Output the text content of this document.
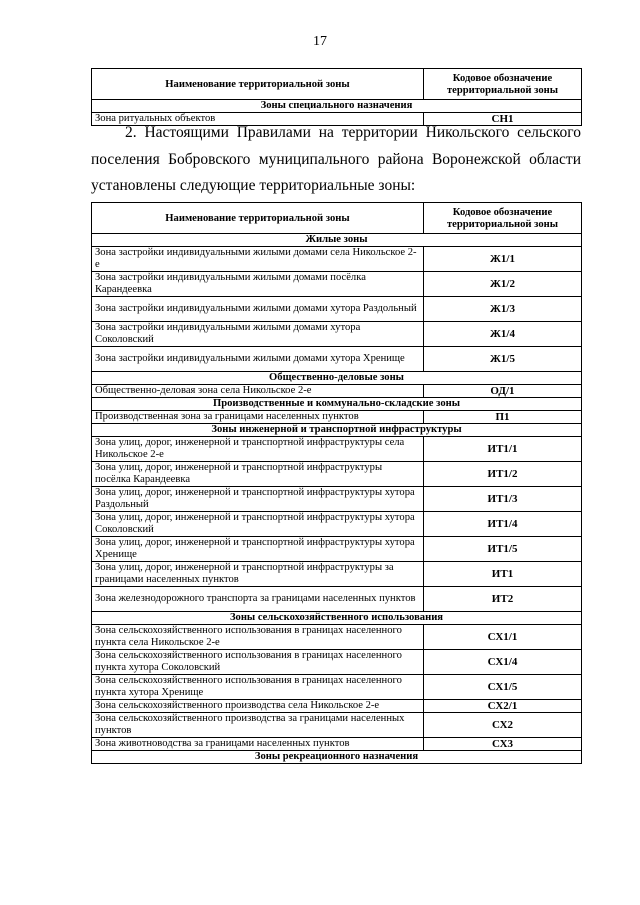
17
Наименование территориальной зоны	Кодовое обозначение территориальной зоны
Зоны специального назначения	
Зона ритуальных объектов	СН1
2. Настоящими Правилами на территории Никольского сельского
поселения Бобровского муниципального района Воронежской области
установлены следующие территориальные зоны:
Наименование территориальной зоны	Кодовое обозначение территориальной зоны
Жилые зоны	
Зона застройки индивидуальными жилыми домами села Никольское 2-е	Ж1/1
Зона застройки индивидуальными жилыми домами посёлка Карандеевка	Ж1/2
Зона застройки индивидуальными жилыми домами хутора Раздольный	Ж1/3
Зона застройки индивидуальными жилыми домами хутора Соколовский	Ж1/4
Зона застройки индивидуальными жилыми домами хутора Хренище	Ж1/5
Общественно-деловые зоны	
Общественно-деловая зона села Никольское 2-е	ОД/1
Производственные и коммунально-складские зоны	
Производственная зона за границами населенных пунктов	П1
Зоны инженерной и транспортной инфраструктуры	
Зона улиц, дорог, инженерной и транспортной инфраструктуры села Никольское 2-е	ИТ1/1
Зона улиц, дорог, инженерной и транспортной инфраструктуры посёлка Карандеевка	ИТ1/2
Зона улиц, дорог, инженерной и транспортной инфраструктуры хутора Раздольный	ИТ1/3
Зона улиц, дорог, инженерной и транспортной инфраструктуры хутора Соколовский	ИТ1/4
Зона улиц, дорог, инженерной и транспортной инфраструктуры хутора Хренище	ИТ1/5
Зона улиц, дорог, инженерной и транспортной инфраструктуры за границами населенных пунктов	ИТ1
Зона железнодорожного транспорта за границами населенных пунктов	ИТ2
Зоны сельскохозяйственного использования	
Зона сельскохозяйственного использования в границах населенного пункта села Никольское 2-е	СХ1/1
Зона сельскохозяйственного использования в границах населенного пункта хутора Соколовский	СХ1/4
Зона сельскохозяйственного использования в границах населенного пункта хутора Хренище	СХ1/5
Зона сельскохозяйственного производства села Никольское 2-е	СХ2/1
Зона сельскохозяйственного производства за границами населенных пунктов	СХ2
Зона животноводства за границами населенных пунктов	СХ3
Зоны рекреационного назначения	
